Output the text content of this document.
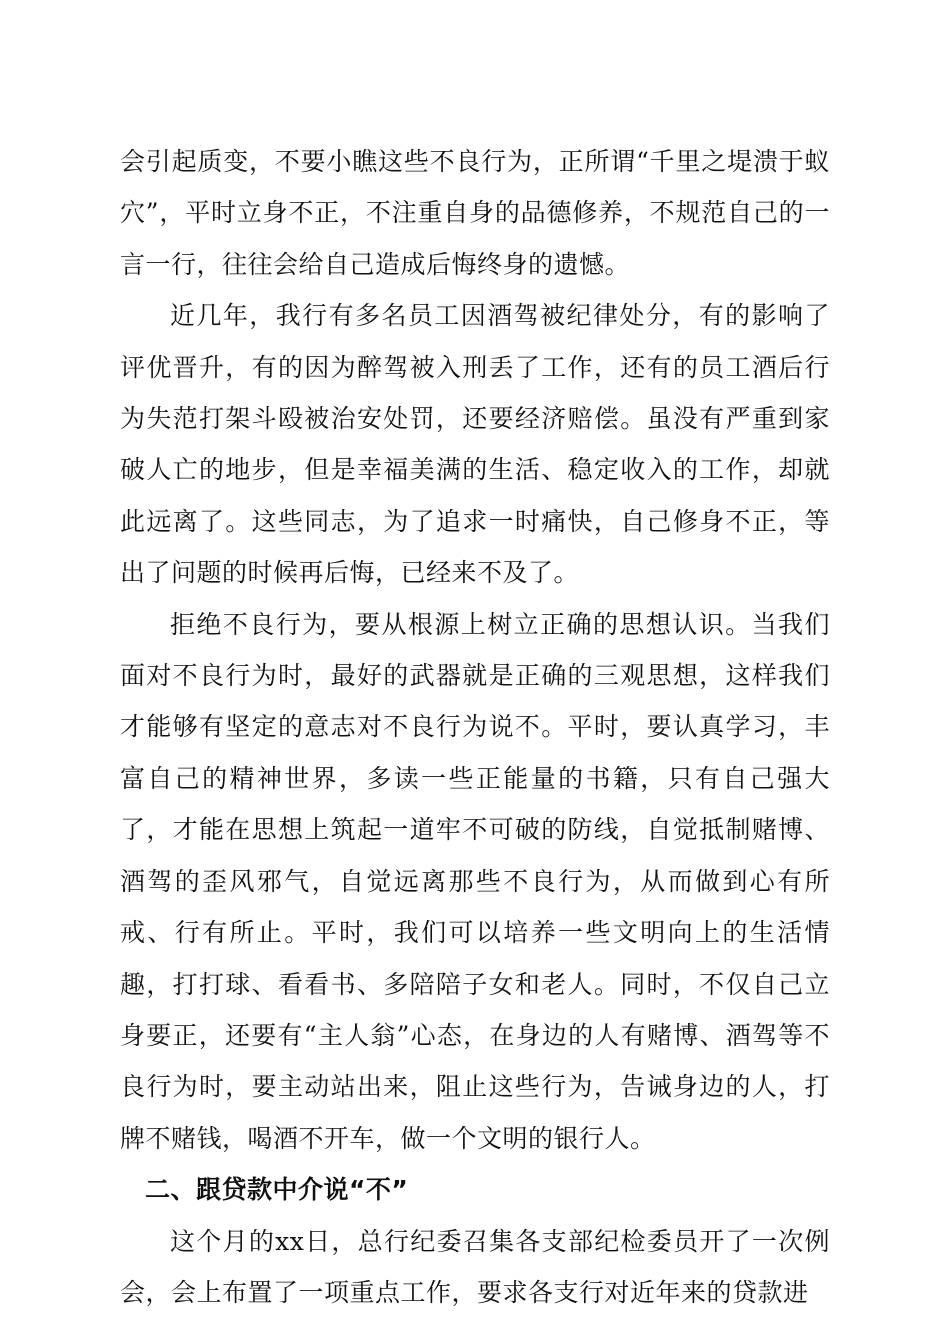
会引起质变，不要小瞧这些不良行为，正所谓“千里之堤溃于蚁穴”，平时立身不正，不注重自身的品德修养，不规范自己的一言一行，往往会给自己造成后悔终身的遗憾。

近几年，我行有多名员工因酒驾被纪律处分，有的影响了评优晋升，有的因为醉驾被入刑丢了工作，还有的员工酒后行为失范打架斗殴被治安处罚，还要经济赔偿。虽没有严重到家破人亡的地步，但是幸福美满的生活、稳定收入的工作，却就此远离了。这些同志，为了追求一时痛快，自己修身不正，等出了问题的时候再后悔，已经来不及了。

拒绝不良行为，要从根源上树立正确的思想认识。当我们面对不良行为时，最好的武器就是正确的三观思想，这样我们才能够有坚定的意志对不良行为说不。平时，要认真学习，丰富自己的精神世界，多读一些正能量的书籍，只有自己强大了，才能在思想上筑起一道牢不可破的防线，自觉抵制赌博、酒驾的歪风邪气，自觉远离那些不良行为，从而做到心有所戒、行有所止。平时，我们可以培养一些文明向上的生活情趣，打打球、看看书、多陪陪子女和老人。同时，不仅自己立身要正，还要有“主人翁”心态，在身边的人有赌博、酒驾等不良行为时，要主动站出来，阻止这些行为，告诫身边的人，打牌不赌钱，喝酒不开车，做一个文明的银行人。

二、跟贷款中介说“不”

这个月的xx日，总行纪委召集各支部纪检委员开了一次例会，会上布置了一项重点工作，要求各支行对近年来的贷款进
